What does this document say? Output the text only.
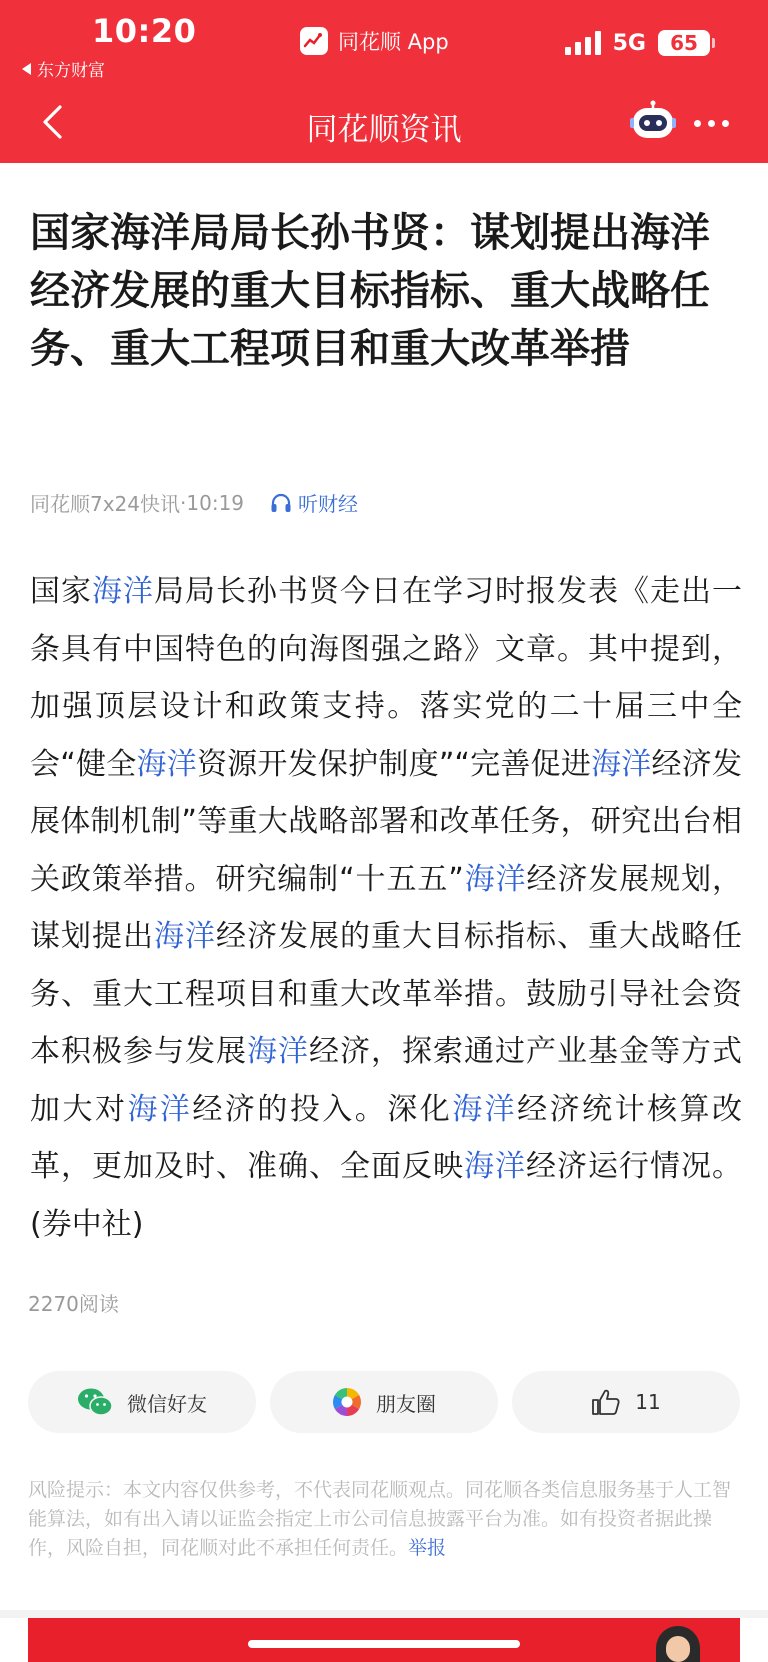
10:20
东方财富
同花顺 App	5G	65
同花顺资讯
国家海洋局局长孙书贤：谋划提出海洋经济发展的重大目标指标、重大战略任务、重大工程项目和重大改革举措
同花顺7x24快讯 · 10:19	听财经
国家海洋局局长孙书贤今日在学习时报发表《走出一条具有中国特色的向海图强之路》文章。其中提到，加强顶层设计和政策支持。落实党的二十届三中全会“健全海洋资源开发保护制度”“完善促进海洋经济发展体制机制”等重大战略部署和改革任务，研究出台相关政策举措。研究编制“十五五”海洋经济发展规划，谋划提出海洋经济发展的重大目标指标、重大战略任务、重大工程项目和重大改革举措。鼓励引导社会资本积极参与发展海洋经济，探索通过产业基金等方式加大对海洋经济的投入。深化海洋经济统计核算改革，更加及时、准确、全面反映海洋经济运行情况。(券中社)
2270阅读
微信好友	朋友圈	11
风险提示：本文内容仅供参考，不代表同花顺观点。同花顺各类信息服务基于人工智能算法，如有出入请以证监会指定上市公司信息披露平台为准。如有投资者据此操作，风险自担，同花顺对此不承担任何责任。举报
